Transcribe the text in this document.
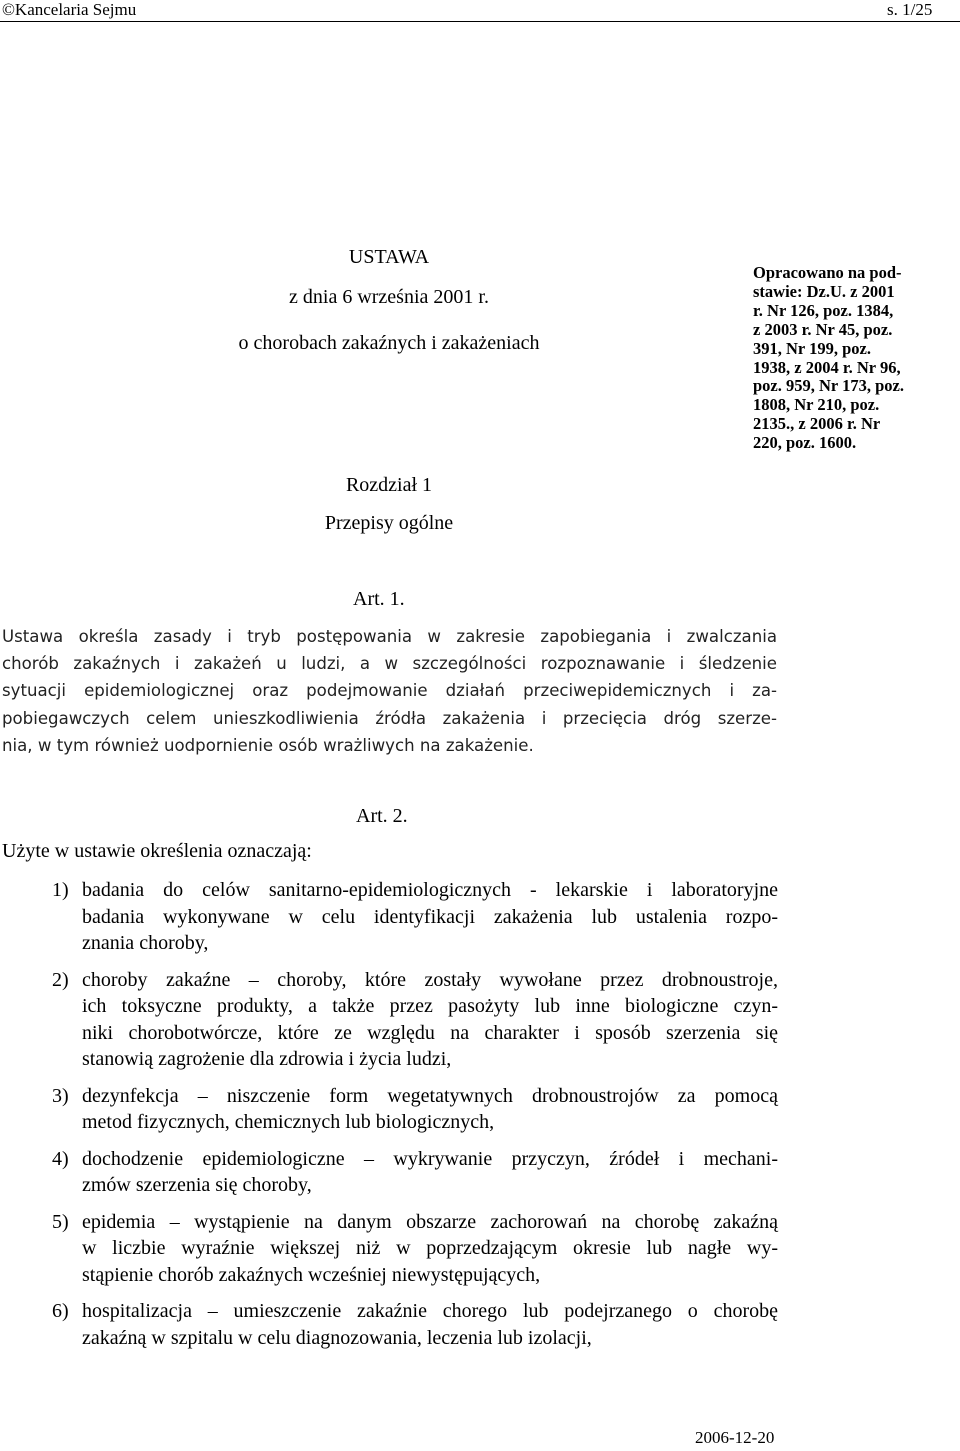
©Kancelaria Sejmu	s. 1/25
USTAWA
z dnia 6 września 2001 r.
o chorobach zakaźnych i zakażeniach
Rozdział 1
Przepisy ogólne
Opracowano na pod-
stawie: Dz.U. z 2001
r. Nr 126, poz. 1384,
z 2003 r. Nr 45, poz.
391, Nr 199, poz.
1938, z 2004 r. Nr 96,
poz. 959, Nr 173, poz.
1808, Nr 210, poz.
2135., z 2006 r. Nr
220, poz. 1600.
Art. 1.
Ustawa określa zasady i tryb postępowania w zakresie zapobiegania i zwalczania
chorób zakaźnych i zakażeń u ludzi, a w szczególności rozpoznawanie i śledzenie
sytuacji epidemiologicznej oraz podejmowanie działań przeciwepidemicznych i za-
pobiegawczych celem unieszkodliwienia źródła zakażenia i przecięcia dróg szerze-
nia, w tym również uodpornienie osób wrażliwych na zakażenie.
Art. 2.
Użyte w ustawie określenia oznaczają:
1) badania do celów sanitarno-epidemiologicznych - lekarskie i laboratoryjne
badania wykonywane w celu identyfikacji zakażenia lub ustalenia rozpo-
znania choroby,
2) choroby zakaźne – choroby, które zostały wywołane przez drobnoustroje,
ich toksyczne produkty, a także przez pasożyty lub inne biologiczne czyn-
niki chorobotwórcze, które ze względu na charakter i sposób szerzenia się
stanowią zagrożenie dla zdrowia i życia ludzi,
3) dezynfekcja – niszczenie form wegetatywnych drobnoustrojów za pomocą
metod fizycznych, chemicznych lub biologicznych,
4) dochodzenie epidemiologiczne – wykrywanie przyczyn, źródeł i mechani-
zmów szerzenia się choroby,
5) epidemia – wystąpienie na danym obszarze zachorowań na chorobę zakaźną
w liczbie wyraźnie większej niż w poprzedzającym okresie lub nagłe wy-
stąpienie chorób zakaźnych wcześniej niewystępujących,
6) hospitalizacja – umieszczenie zakaźnie chorego lub podejrzanego o chorobę
zakaźną w szpitalu w celu diagnozowania, leczenia lub izolacji,
2006-12-20
